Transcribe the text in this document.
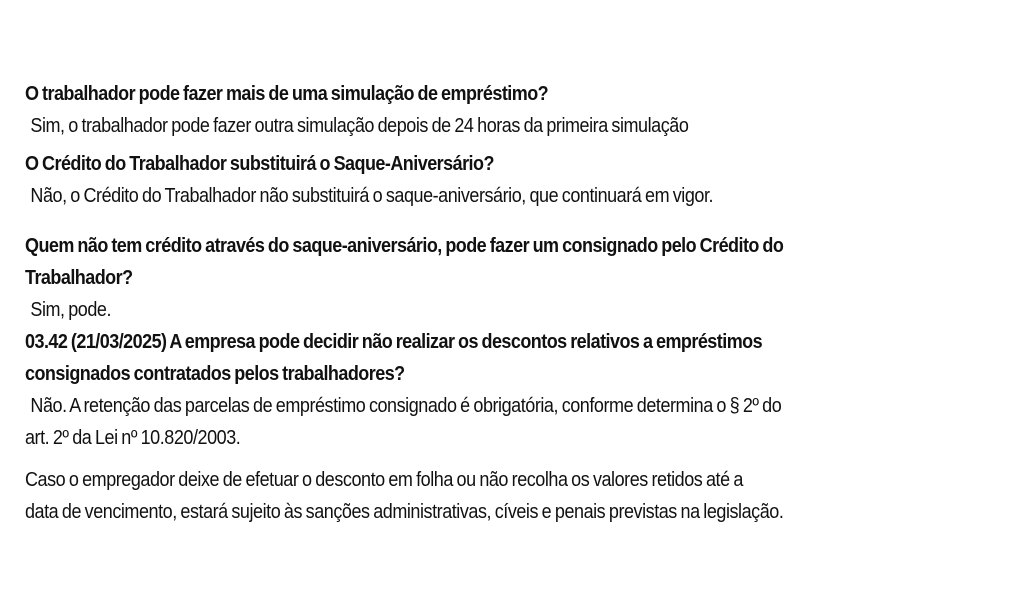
O trabalhador pode fazer mais de uma simulação de empréstimo?

Sim, o trabalhador pode fazer outra simulação depois de 24 horas da primeira simulação

O Crédito do Trabalhador substituirá o Saque-Aniversário?

Não, o Crédito do Trabalhador não substituirá o saque-aniversário, que continuará em vigor.

Quem não tem crédito através do saque-aniversário, pode fazer um consignado pelo Crédito do

Trabalhador?

Sim, pode.

03.42 (21/03/2025) A empresa pode decidir não realizar os descontos relativos a empréstimos

consignados contratados pelos trabalhadores?

Não. A retenção das parcelas de empréstimo consignado é obrigatória, conforme determina o § 2º do

art. 2º da Lei nº 10.820/2003.

Caso o empregador deixe de efetuar o desconto em folha ou não recolha os valores retidos até a

data de vencimento, estará sujeito às sanções administrativas, cíveis e penais previstas na legislação.
